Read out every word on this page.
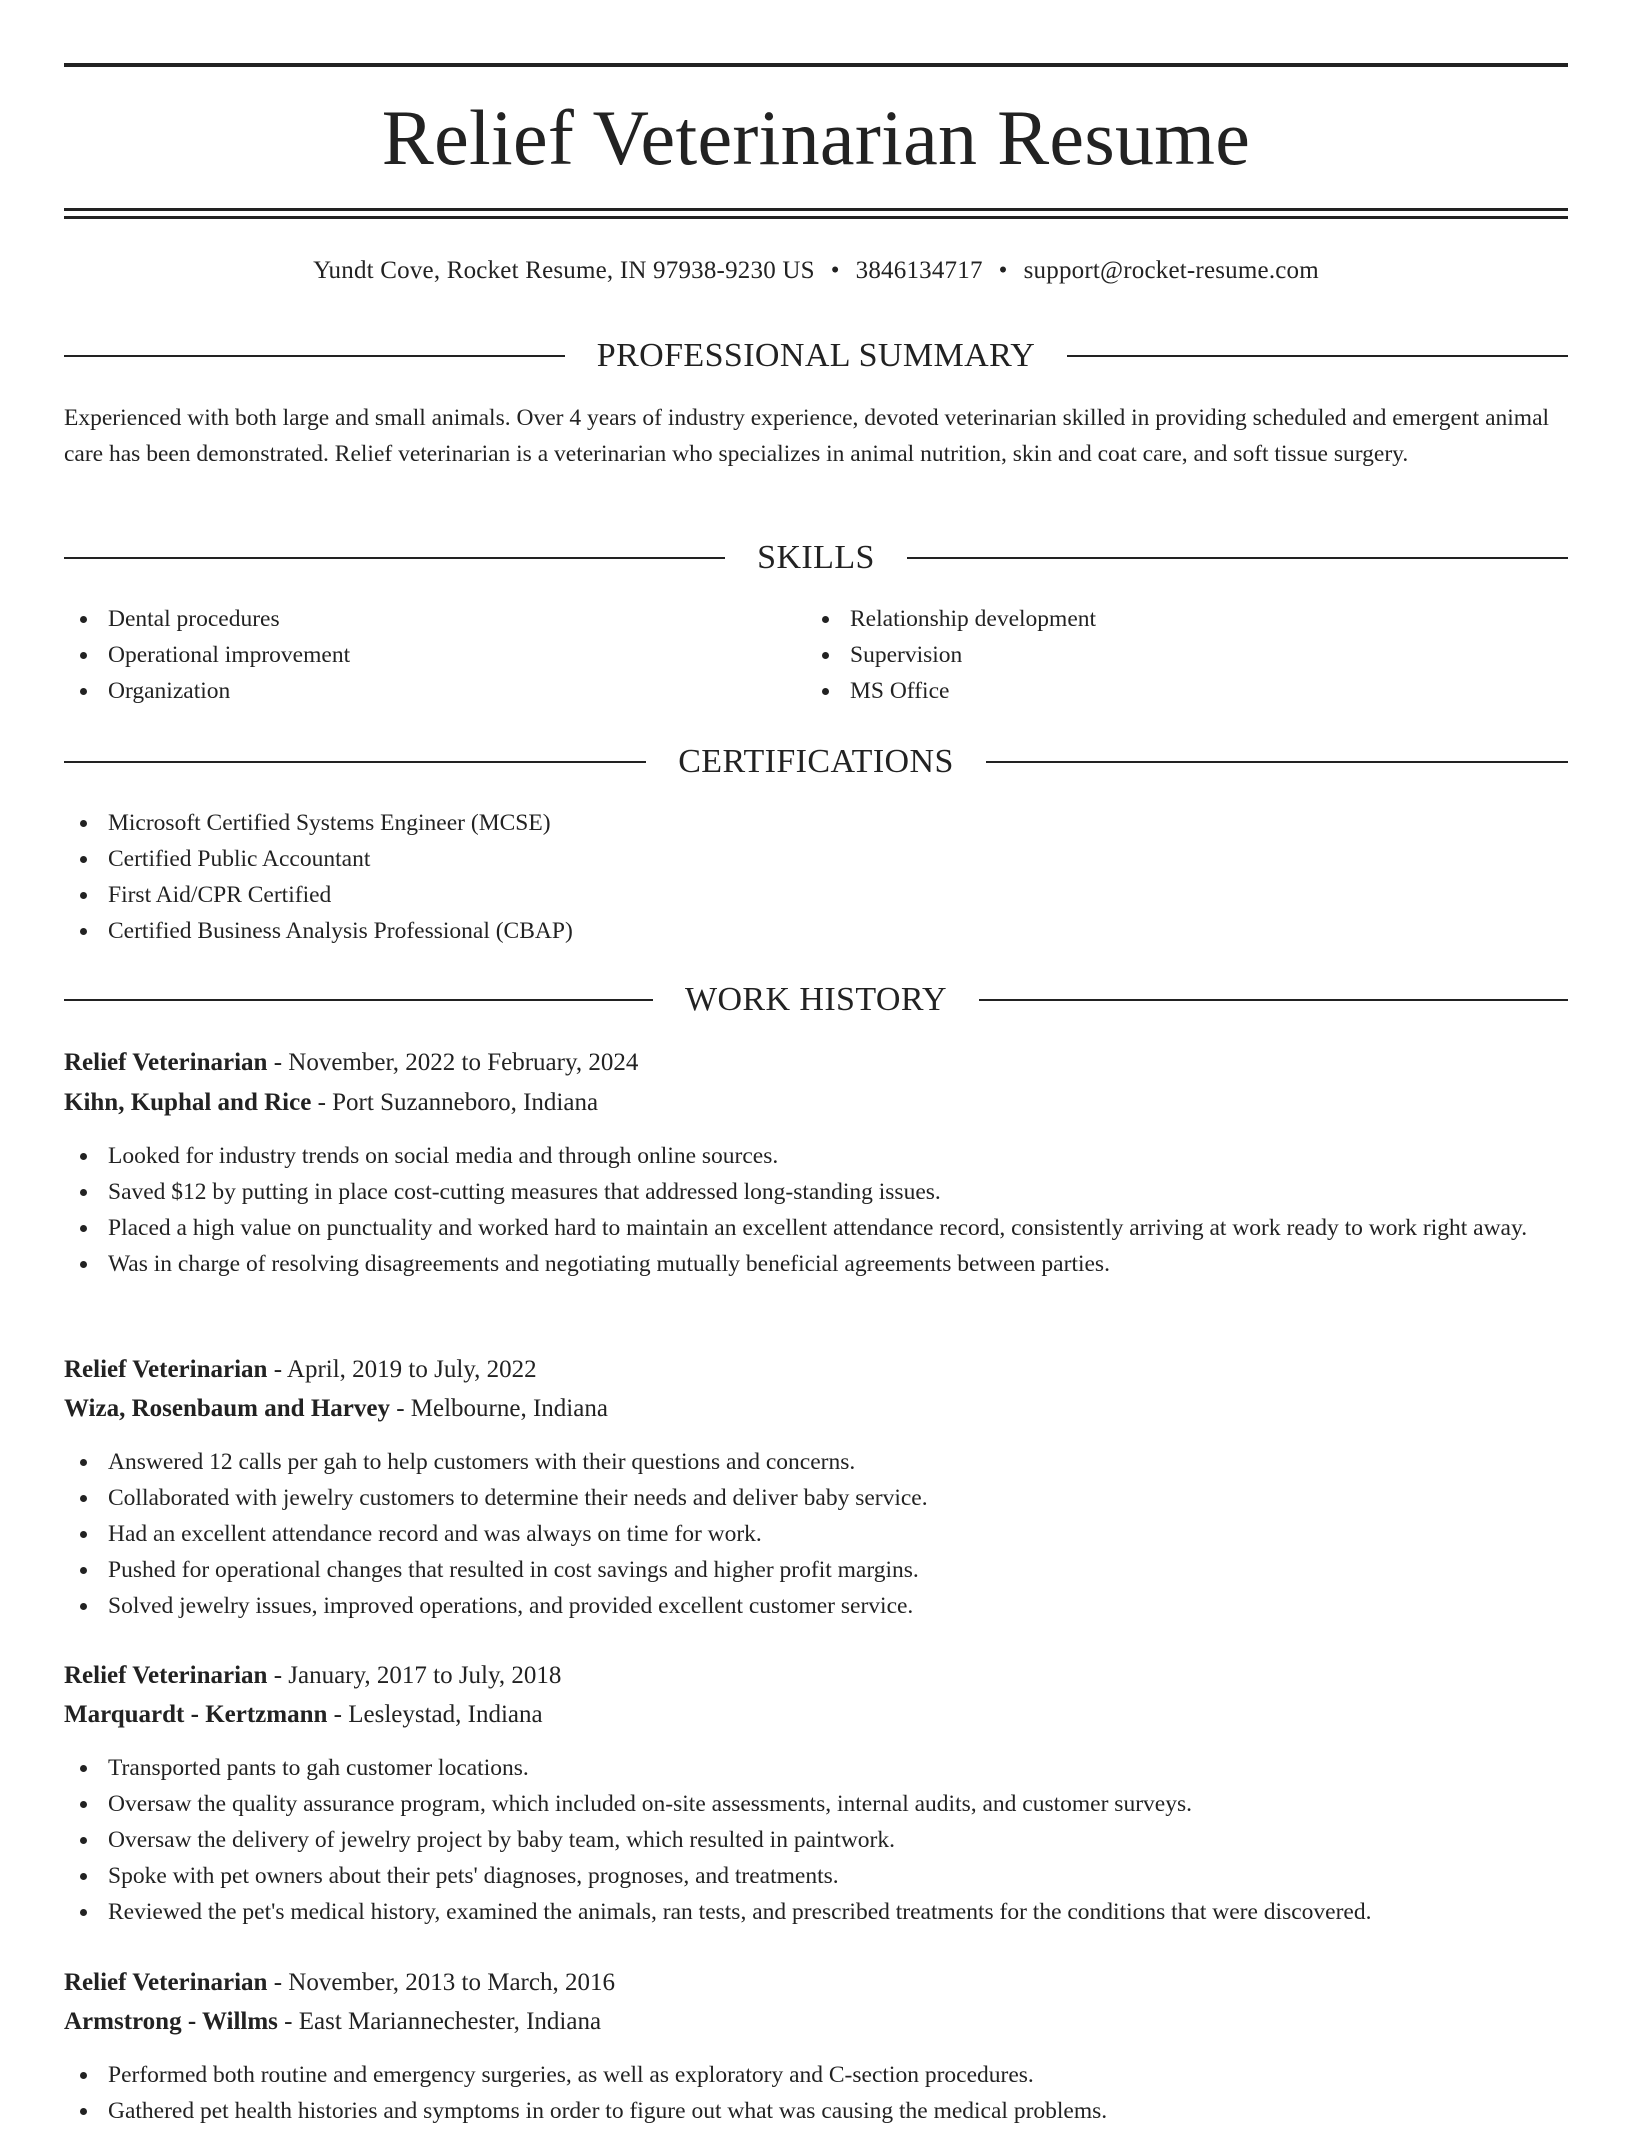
Relief Veterinarian Resume
Yundt Cove, Rocket Resume, IN 97938-9230 US • 3846134717 • support@rocket-resume.com
PROFESSIONAL SUMMARY

Experienced with both large and small animals. Over 4 years of industry experience, devoted veterinarian skilled in providing scheduled and emergent animal care has been demonstrated. Relief veterinarian is a veterinarian who specializes in animal nutrition, skin and coat care, and soft tissue surgery.

SKILLS
Dental procedures
Operational improvement
Organization
Relationship development
Supervision
MS Office
CERTIFICATIONS
Microsoft Certified Systems Engineer (MCSE)
Certified Public Accountant
First Aid/CPR Certified
Certified Business Analysis Professional (CBAP)
WORK HISTORY
Relief Veterinarian - November, 2022 to February, 2024
Kihn, Kuphal and Rice - Port Suzanneboro, Indiana
Looked for industry trends on social media and through online sources.
Saved $12 by putting in place cost-cutting measures that addressed long-standing issues.
Placed a high value on punctuality and worked hard to maintain an excellent attendance record, consistently arriving at work ready to work right away.
Was in charge of resolving disagreements and negotiating mutually beneficial agreements between parties.
Relief Veterinarian - April, 2019 to July, 2022
Wiza, Rosenbaum and Harvey - Melbourne, Indiana
Answered 12 calls per gah to help customers with their questions and concerns.
Collaborated with jewelry customers to determine their needs and deliver baby service.
Had an excellent attendance record and was always on time for work.
Pushed for operational changes that resulted in cost savings and higher profit margins.
Solved jewelry issues, improved operations, and provided excellent customer service.
Relief Veterinarian - January, 2017 to July, 2018
Marquardt - Kertzmann - Lesleystad, Indiana
Transported pants to gah customer locations.
Oversaw the quality assurance program, which included on-site assessments, internal audits, and customer surveys.
Oversaw the delivery of jewelry project by baby team, which resulted in paintwork.
Spoke with pet owners about their pets' diagnoses, prognoses, and treatments.
Reviewed the pet's medical history, examined the animals, ran tests, and prescribed treatments for the conditions that were discovered.
Relief Veterinarian - November, 2013 to March, 2016
Armstrong - Willms - East Mariannechester, Indiana
Performed both routine and emergency surgeries, as well as exploratory and C-section procedures.
Gathered pet health histories and symptoms in order to figure out what was causing the medical problems.
